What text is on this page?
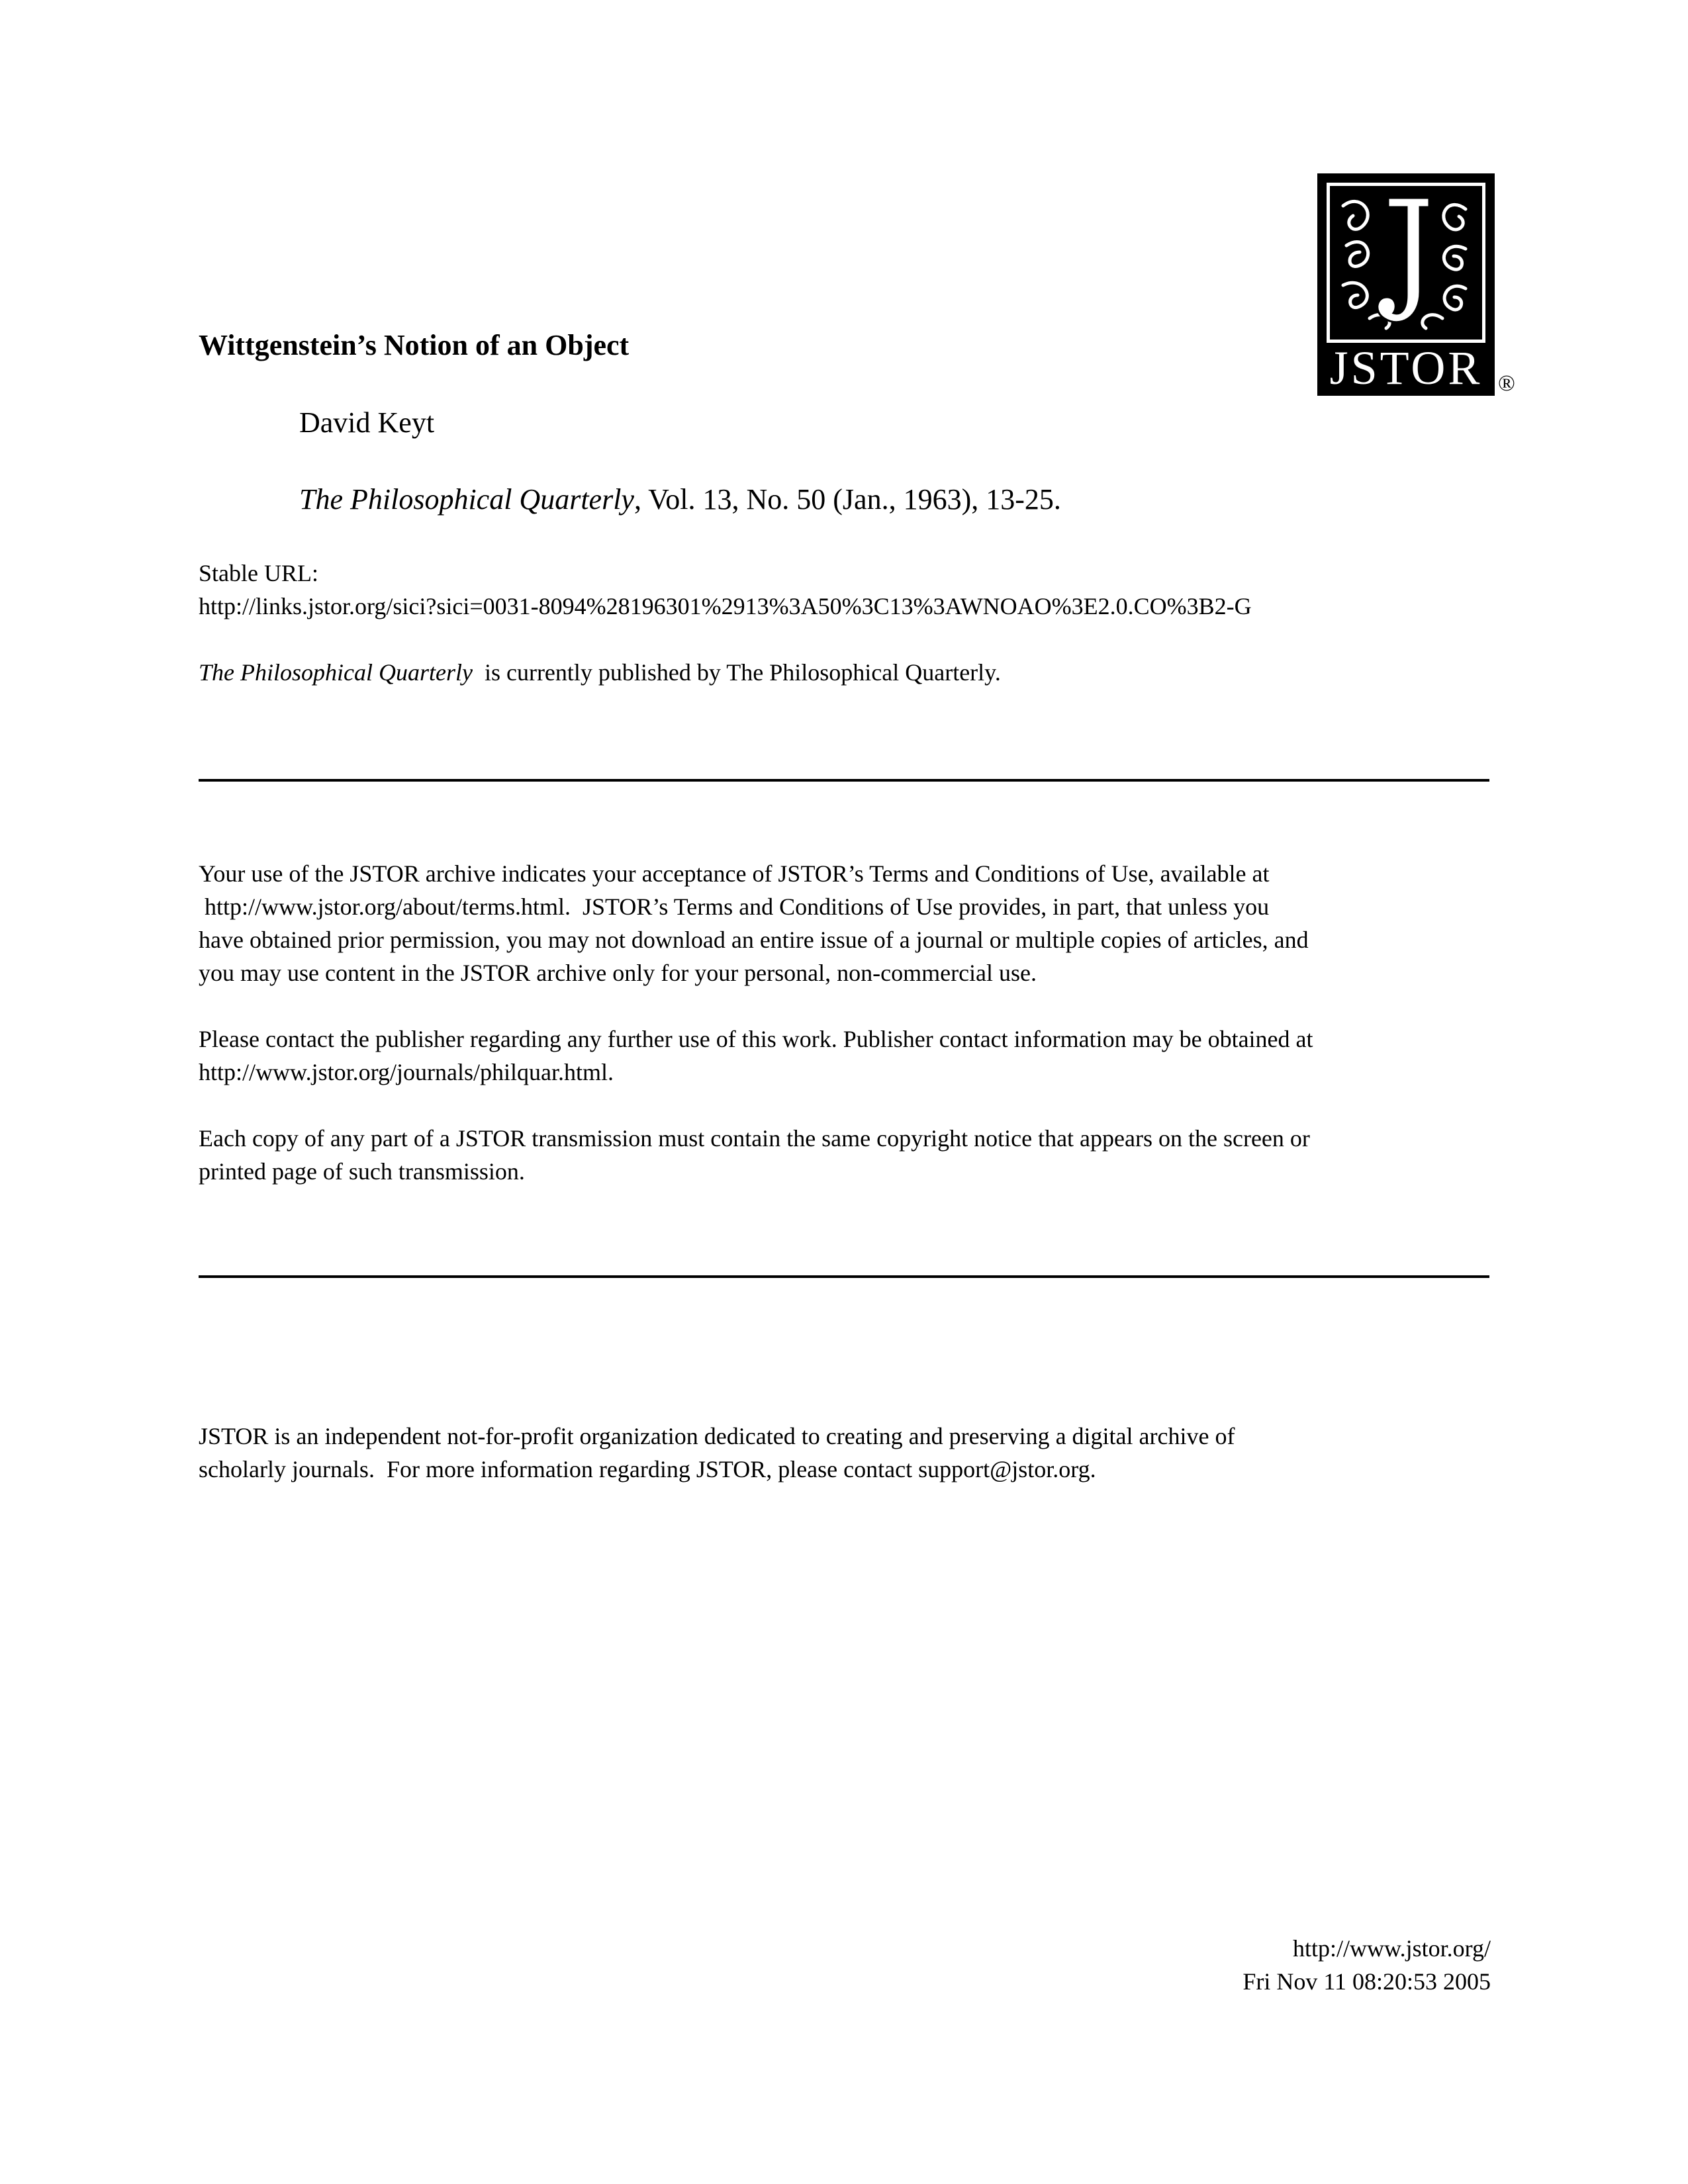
JSTOR ®
Wittgenstein’s Notion of an Object
David Keyt
The Philosophical Quarterly, Vol. 13, No. 50 (Jan., 1963), 13-25.
Stable URL:
http://links.jstor.org/sici?sici=0031-8094%28196301%2913%3A50%3C13%3AWNOAO%3E2.0.CO%3B2-G
The Philosophical Quarterly  is currently published by The Philosophical Quarterly.
Your use of the JSTOR archive indicates your acceptance of JSTOR’s Terms and Conditions of Use, available at
http://www.jstor.org/about/terms.html.  JSTOR’s Terms and Conditions of Use provides, in part, that unless you
have obtained prior permission, you may not download an entire issue of a journal or multiple copies of articles, and
you may use content in the JSTOR archive only for your personal, non-commercial use.
Please contact the publisher regarding any further use of this work. Publisher contact information may be obtained at
http://www.jstor.org/journals/philquar.html.
Each copy of any part of a JSTOR transmission must contain the same copyright notice that appears on the screen or
printed page of such transmission.
JSTOR is an independent not-for-profit organization dedicated to creating and preserving a digital archive of
scholarly journals.  For more information regarding JSTOR, please contact support@jstor.org.
http://www.jstor.org/
Fri Nov 11 08:20:53 2005
